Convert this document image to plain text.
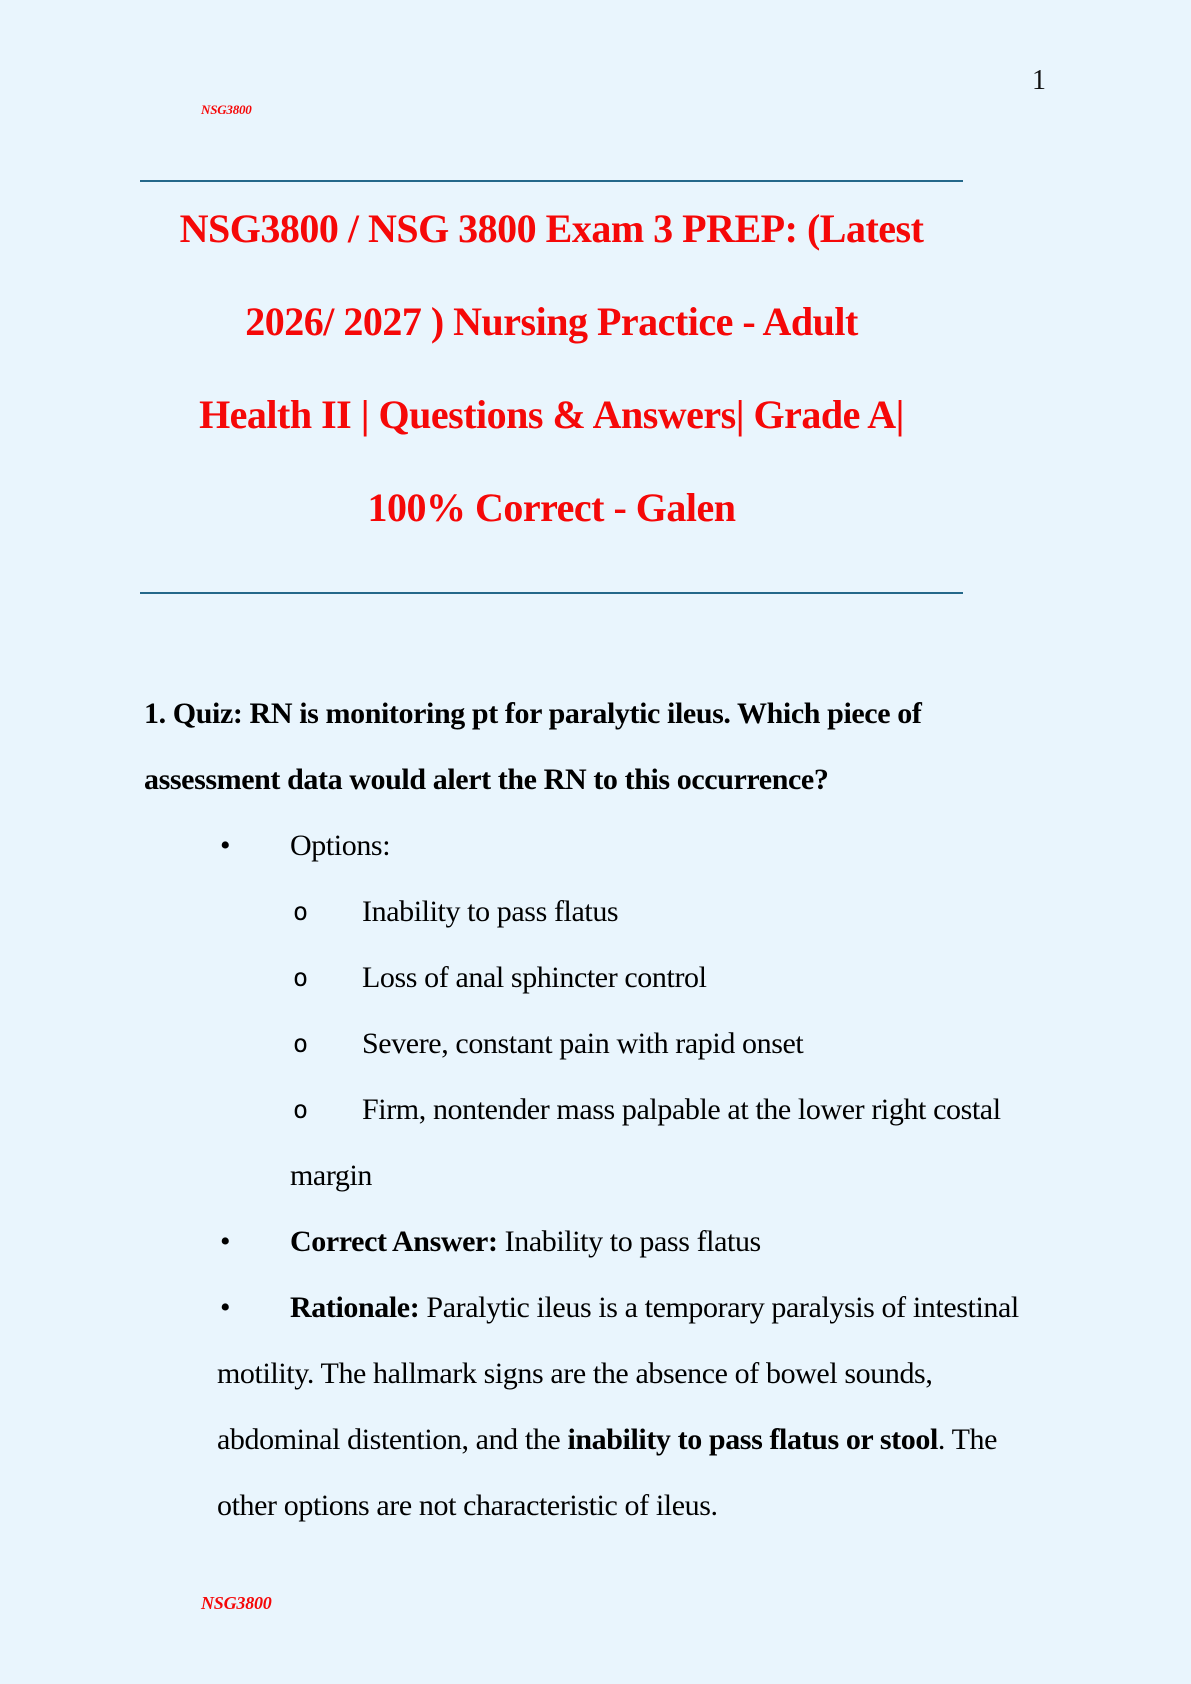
1
NSG3800
NSG3800 / NSG 3800 Exam 3 PREP: (Latest
2026/ 2027 ) Nursing Practice - Adult
Health II | Questions & Answers| Grade A|
100% Correct - Galen
1. Quiz: RN is monitoring pt for paralytic ileus. Which piece of
assessment data would alert the RN to this occurrence?
•	Options:
o	Inability to pass flatus
o	Loss of anal sphincter control
o	Severe, constant pain with rapid onset
o	Firm, nontender mass palpable at the lower right costal
margin
•	Correct Answer: Inability to pass flatus
•	Rationale: Paralytic ileus is a temporary paralysis of intestinal
motility. The hallmark signs are the absence of bowel sounds,
abdominal distention, and the inability to pass flatus or stool. The
other options are not characteristic of ileus.
NSG3800
